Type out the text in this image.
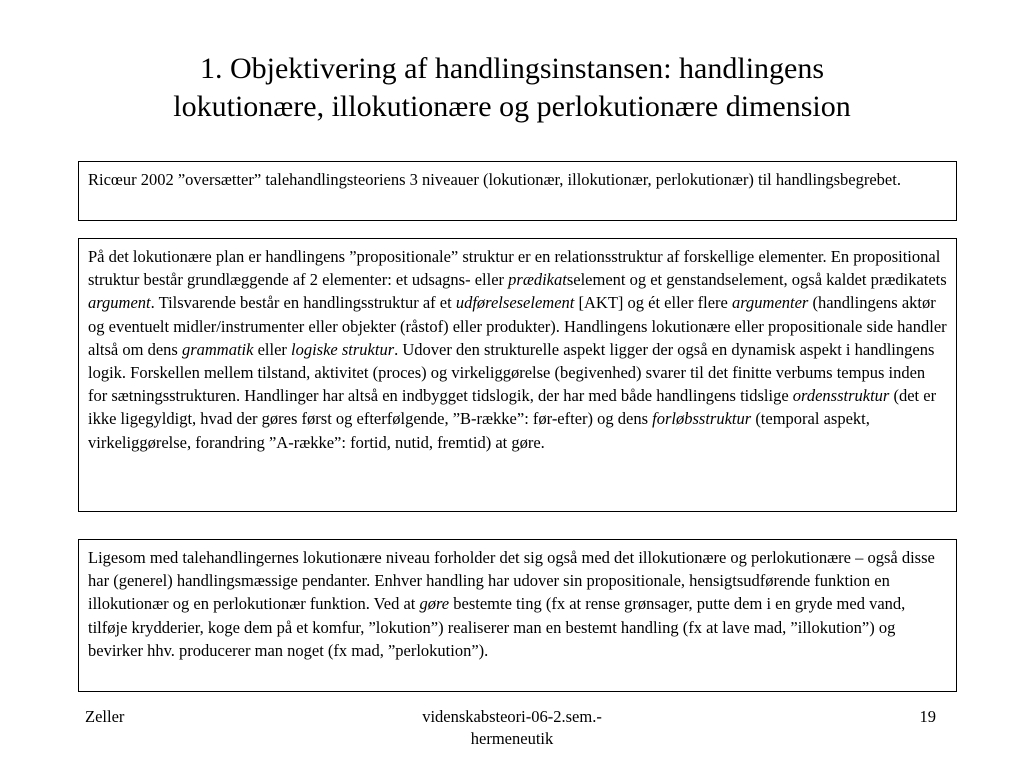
1. Objektivering af handlingsinstansen: handlingens
lokutionære, illokutionære og perlokutionære dimension

Ricœur 2002 ”oversætter” talehandlingsteoriens 3 niveauer (lokutionær, illokutionær, perlokutionær) til handlingsbegrebet.

På det lokutionære plan er handlingens ”propositionale” struktur er en relationsstruktur af forskellige elementer. En propositional struktur består grundlæggende af 2 elementer: et udsagns- eller prædikatselement og et genstandselement, også kaldet prædikatets argument. Tilsvarende består en handlingsstruktur af et udførelseselement [AKT] og ét eller flere argumenter (handlingens aktør og eventuelt midler/instrumenter eller objekter (råstof) eller produkter). Handlingens lokutionære eller propositionale side handler altså om dens grammatik eller logiske struktur. Udover den strukturelle aspekt ligger der også en dynamisk aspekt i handlingens logik. Forskellen mellem tilstand, aktivitet (proces) og virkeliggørelse (begivenhed) svarer til det finitte verbums tempus inden for sætningsstrukturen. Handlinger har altså en indbygget tidslogik, der har med både handlingens tidslige ordensstruktur (det er ikke ligegyldigt, hvad der gøres først og efterfølgende, ”B-række”: før-efter) og dens forløbsstruktur (temporal aspekt, virkeliggørelse, forandring ”A-række”: fortid, nutid, fremtid) at gøre.

Ligesom med talehandlingernes lokutionære niveau forholder det sig også med det illokutionære og perlokutionære – også disse har (generel) handlingsmæssige pendanter. Enhver handling har udover sin propositionale, hensigtsudførende funktion en illokutionær og en perlokutionær funktion. Ved at gøre bestemte ting (fx at rense grønsager, putte dem i en gryde med vand, tilføje krydderier, koge dem på et komfur, ”lokution”) realiserer man en bestemt handling (fx at lave mad, ”illokution”) og bevirker hhv. producerer man noget (fx mad, ”perlokution”).

Zeller	videnskabsteori-06-2.sem.-
hermeneutik
19
